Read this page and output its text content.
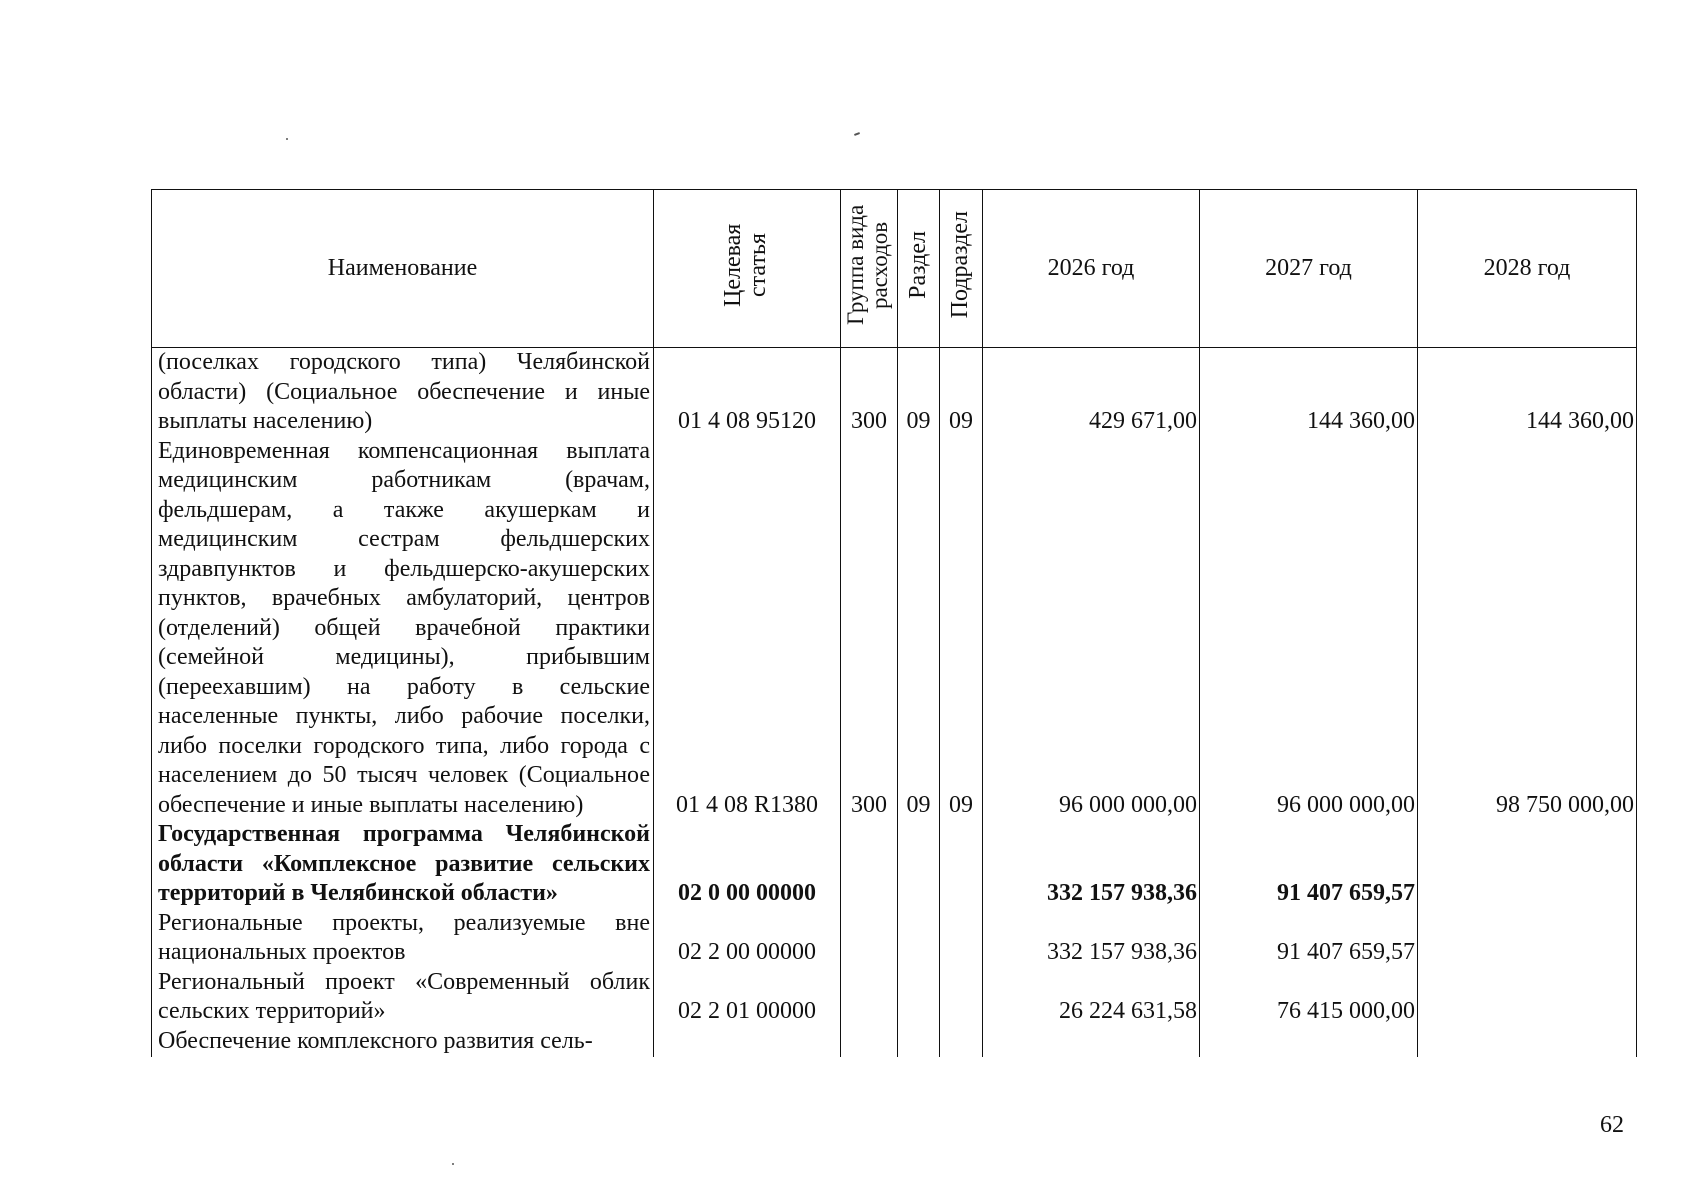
Наименование	Целевая статья	Группа вида расходов	Раздел	Подраздел	2026 год	2027 год	2028 год
(поселках городского типа) Челябинской области) (Социальное обеспечение и иные выплаты населению)	01 4 08 95120	300	09	09	429 671,00	144 360,00	144 360,00
Единовременная компенсационная выплата медицинским работникам (врачам, фельдшерам, а также акушеркам и медицинским сестрам фельдшерских здравпунктов и фельдшерско-акушерских пунктов, врачебных амбулаторий, центров (отделений) общей врачебной практики (семейной медицины), прибывшим (переехавшим) на работу в сельские населенные пункты, либо рабочие поселки, либо поселки городского типа, либо города с населением до 50 тысяч человек (Социальное обеспечение и иные выплаты населению)	01 4 08 R1380	300	09	09	96 000 000,00	96 000 000,00	98 750 000,00
Государственная программа Челябинской области «Комплексное развитие сельских территорий в Челябинской области»	02 0 00 00000				332 157 938,36	91 407 659,57	
Региональные проекты, реализуемые вне национальных проектов	02 2 00 00000				332 157 938,36	91 407 659,57	
Региональный проект «Современный облик сельских территорий»	02 2 01 00000				26 224 631,58	76 415 000,00	
Обеспечение комплексного развития сель-							
62
